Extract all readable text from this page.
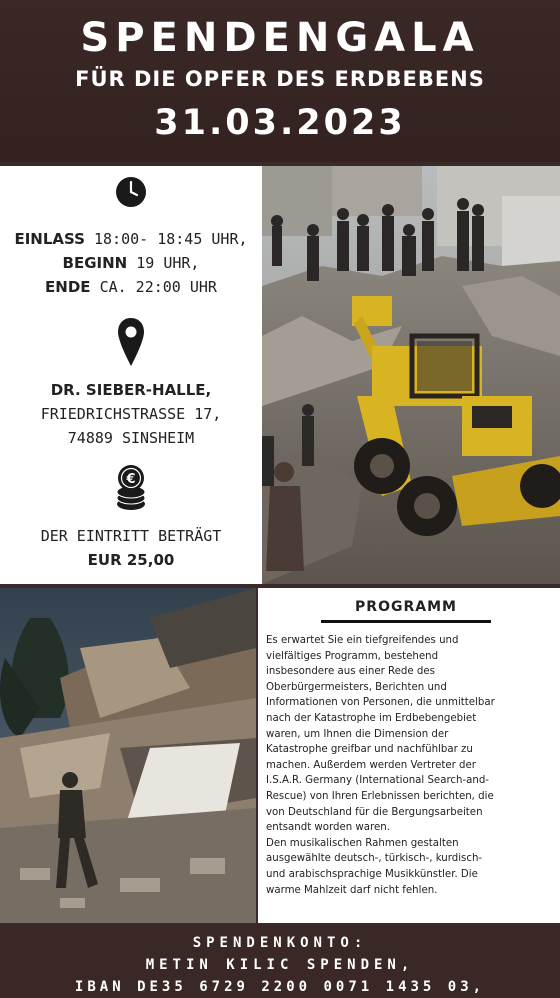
SPENDENGALA
FÜR DIE OPFER DES ERDBEBENS
31.03.2023
EINLASS 18:00- 18:45 UHR,
BEGINN 19 UHR,
ENDE CA. 22:00 UHR
DR. SIEBER-HALLE,
FRIEDRICHSTRASSE 17,
74889 SINSHEIM
€
DER EINTRITT BETRÄGT
EUR 25,00
PROGRAMM
Es erwartet Sie ein tiefgreifendes und
vielfältiges Programm, bestehend
insbesondere aus einer Rede des
Oberbürgermeisters, Berichten und
Informationen von Personen, die unmittelbar
nach der Katastrophe im Erdbebengebiet
waren, um Ihnen die Dimension der
Katastrophe greifbar und nachfühlbar zu
machen. Außerdem werden Vertreter der
I.S.A.R. Germany (International Search-and-
Rescue) von Ihren Erlebnissen berichten, die
von Deutschland für die Bergungsarbeiten
entsandt worden waren.
Den musikalischen Rahmen gestalten
ausgewählte deutsch-, türkisch-, kurdisch-
und arabischsprachige Musikkünstler. Die
warme Mahlzeit darf nicht fehlen.
SPENDENKONTO:
METIN KILIC SPENDEN,
IBAN DE35 6729 2200 0071 1435 03,
